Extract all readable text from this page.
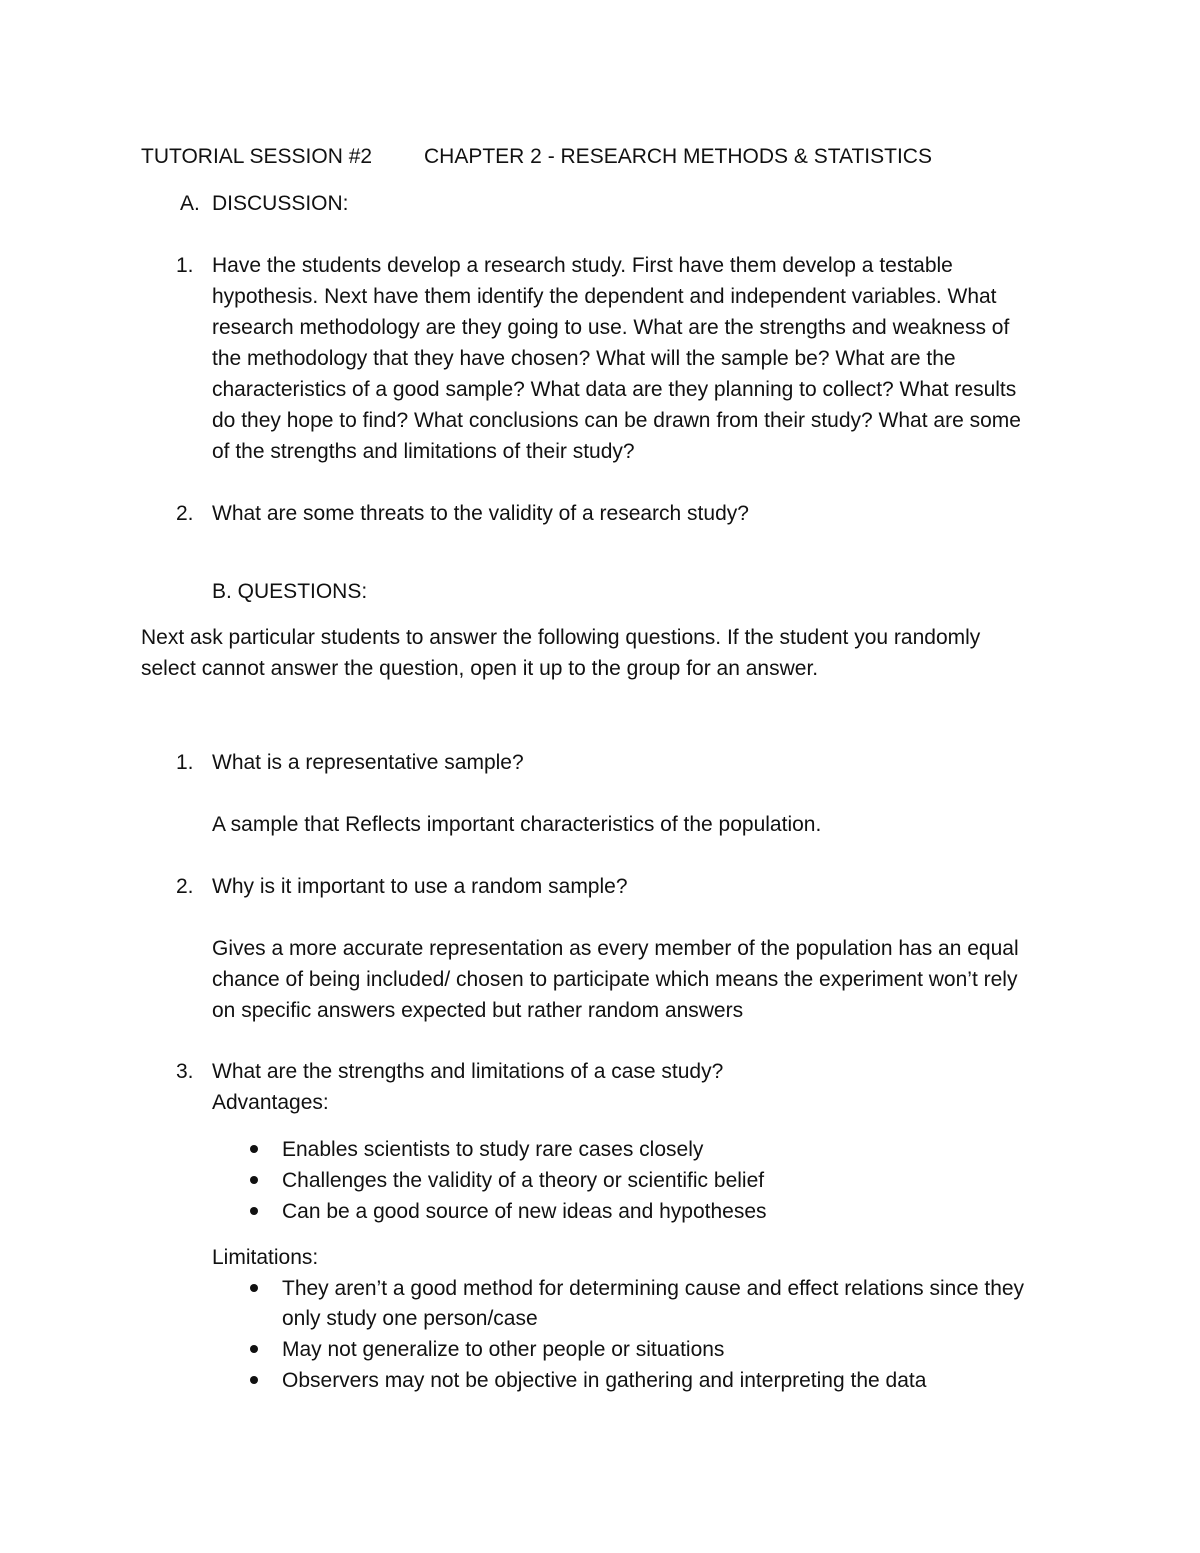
TUTORIAL SESSION #2 CHAPTER 2 - RESEARCH METHODS & STATISTICS
A. DISCUSSION:
1. Have the students develop a research study. First have them develop a testable
hypothesis. Next have them identify the dependent and independent variables. What
research methodology are they going to use. What are the strengths and weakness of
the methodology that they have chosen? What will the sample be? What are the
characteristics of a good sample? What data are they planning to collect? What results
do they hope to find? What conclusions can be drawn from their study? What are some
of the strengths and limitations of their study?
2. What are some threats to the validity of a research study?
B. QUESTIONS:
Next ask particular students to answer the following questions. If the student you randomly
select cannot answer the question, open it up to the group for an answer.
1. What is a representative sample?
A sample that Reflects important characteristics of the population.
2. Why is it important to use a random sample?
Gives a more accurate representation as every member of the population has an equal
chance of being included/ chosen to participate which means the experiment won’t rely
on specific answers expected but rather random answers
3. What are the strengths and limitations of a case study?
Advantages:
Enables scientists to study rare cases closely
Challenges the validity of a theory or scientific belief
Can be a good source of new ideas and hypotheses
Limitations:
They aren’t a good method for determining cause and effect relations since they
only study one person/case
May not generalize to other people or situations
Observers may not be objective in gathering and interpreting the data
